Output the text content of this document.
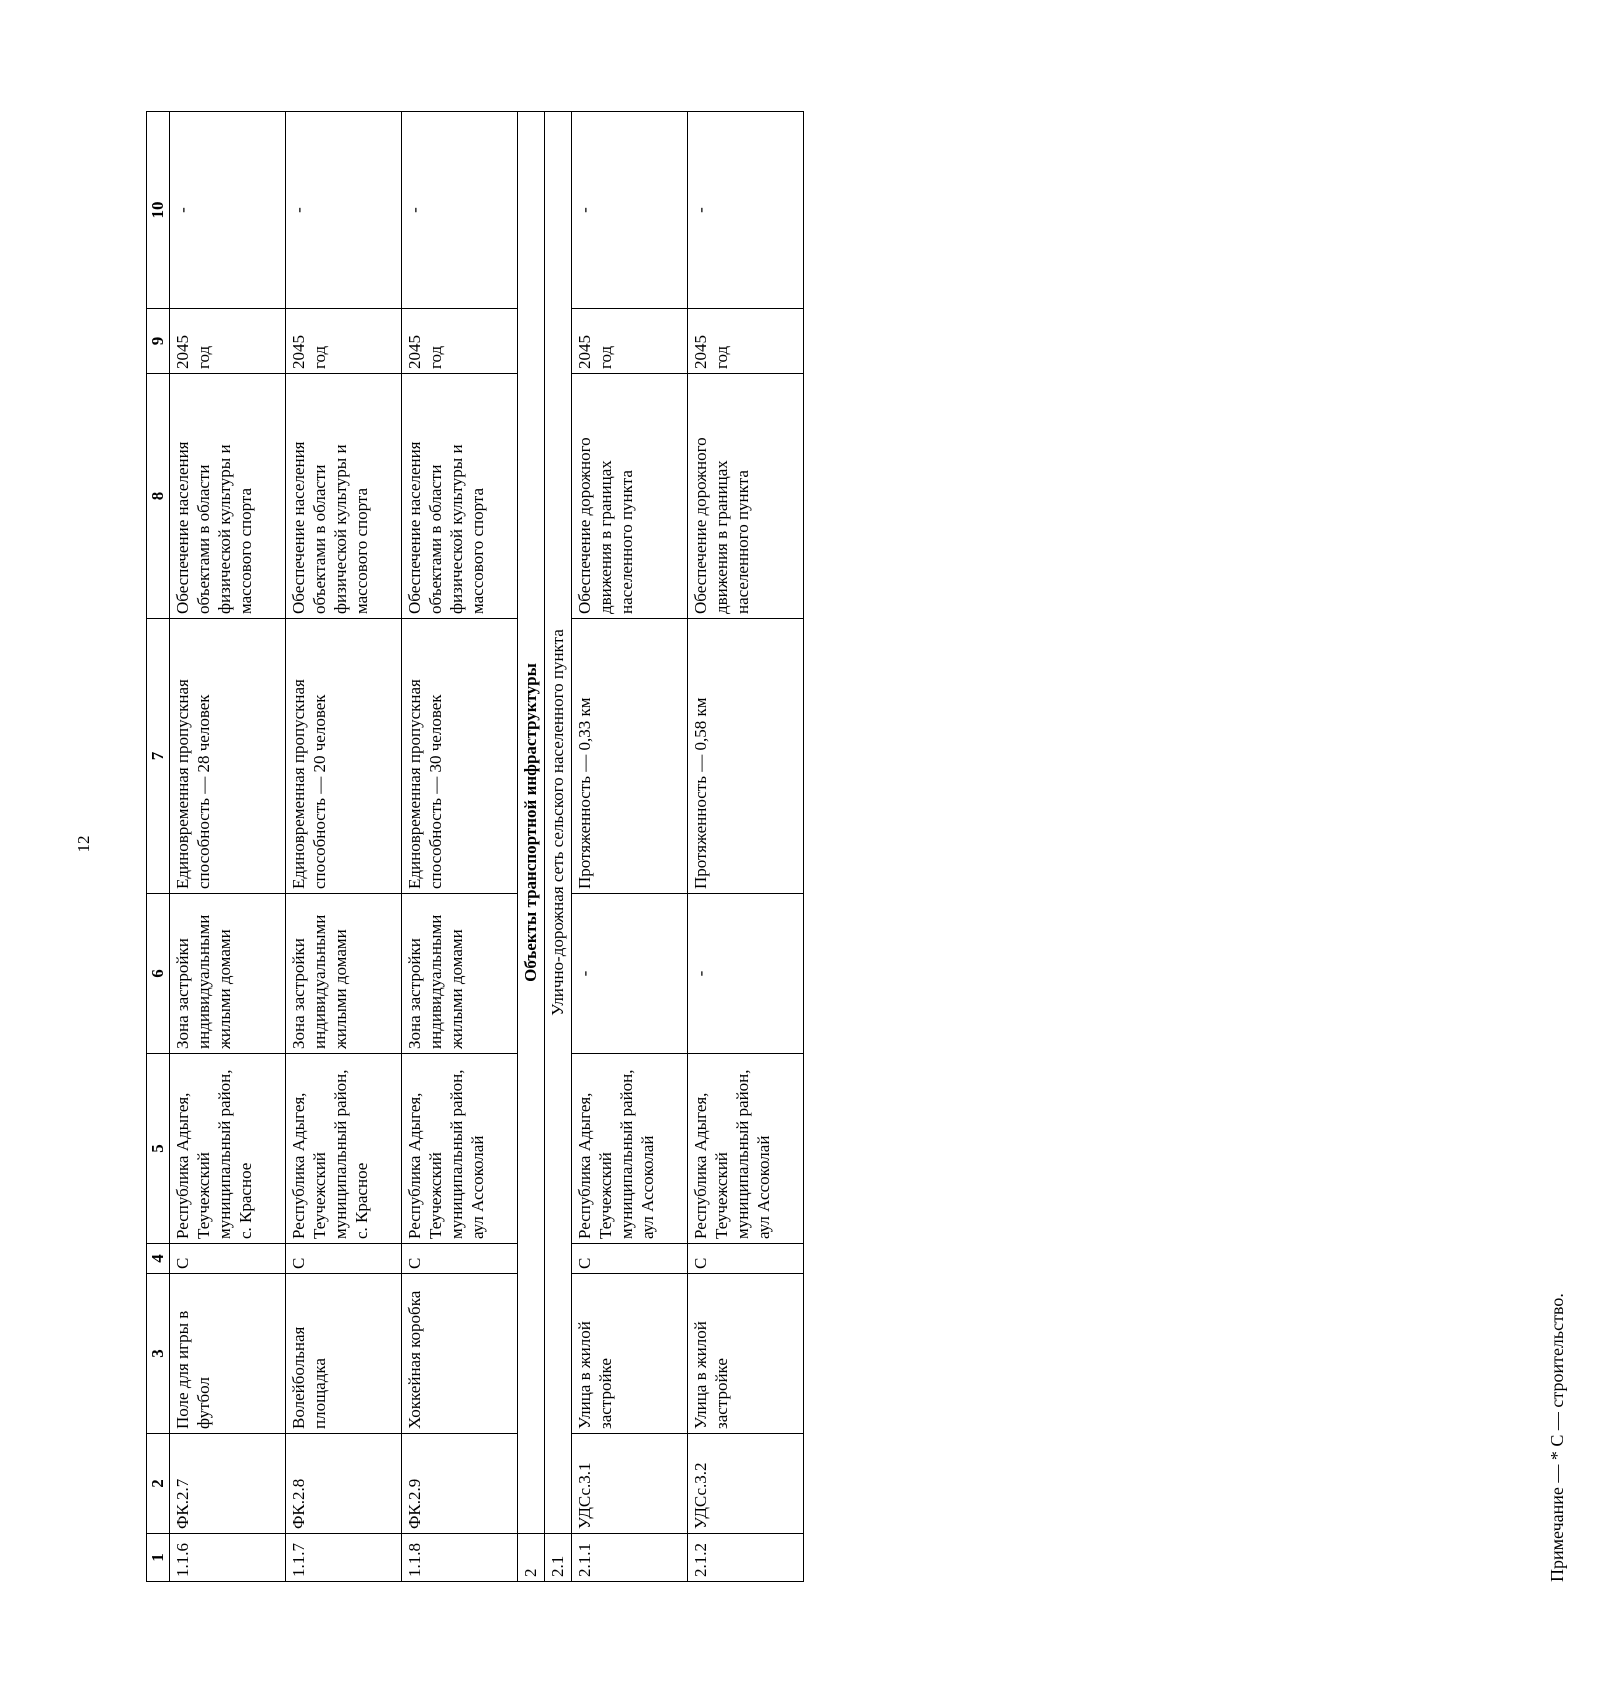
12
1	2	3	4	5	6	7	8	9	10
1.1.6	ФК.2.7	Поле для игры в футбол	С	Республика Адыгея, Теучежский муниципальный район, с. Красное	Зона застройки индивидуальными жилыми домами	Единовременная пропускная способность — 28 человек	Обеспечение населения объектами в области физической культуры и массового спорта	2045 год	-
1.1.7	ФК.2.8	Волейбольная площадка	С	Республика Адыгея, Теучежский муниципальный район, с. Красное	Зона застройки индивидуальными жилыми домами	Единовременная пропускная способность — 20 человек	Обеспечение населения объектами в области физической культуры и массового спорта	2045 год	-
1.1.8	ФК.2.9	Хоккейная коробка	С	Республика Адыгея, Теучежский муниципальный район, аул Ассоколай	Зона застройки индивидуальными жилыми домами	Единовременная пропускная способность — 30 человек	Обеспечение населения объектами в области физической культуры и массового спорта	2045 год	-
2	Объекты транспортной инфраструктуры								
2.1	Улично-дорожная сеть сельского населенного пункта								
2.1.1	УДСс.3.1	Улица в жилой застройке	С	Республика Адыгея, Теучежский муниципальный район, аул Ассоколай	-	Протяженность — 0,33 км	Обеспечение дорожного движения в границах населенного пункта	2045 год	-
2.1.2	УДСс.3.2	Улица в жилой застройке	С	Республика Адыгея, Теучежский муниципальный район, аул Ассоколай	-	Протяженность — 0,58 км	Обеспечение дорожного движения в границах населенного пункта	2045 год	-
Примечание — * С — строительство.
